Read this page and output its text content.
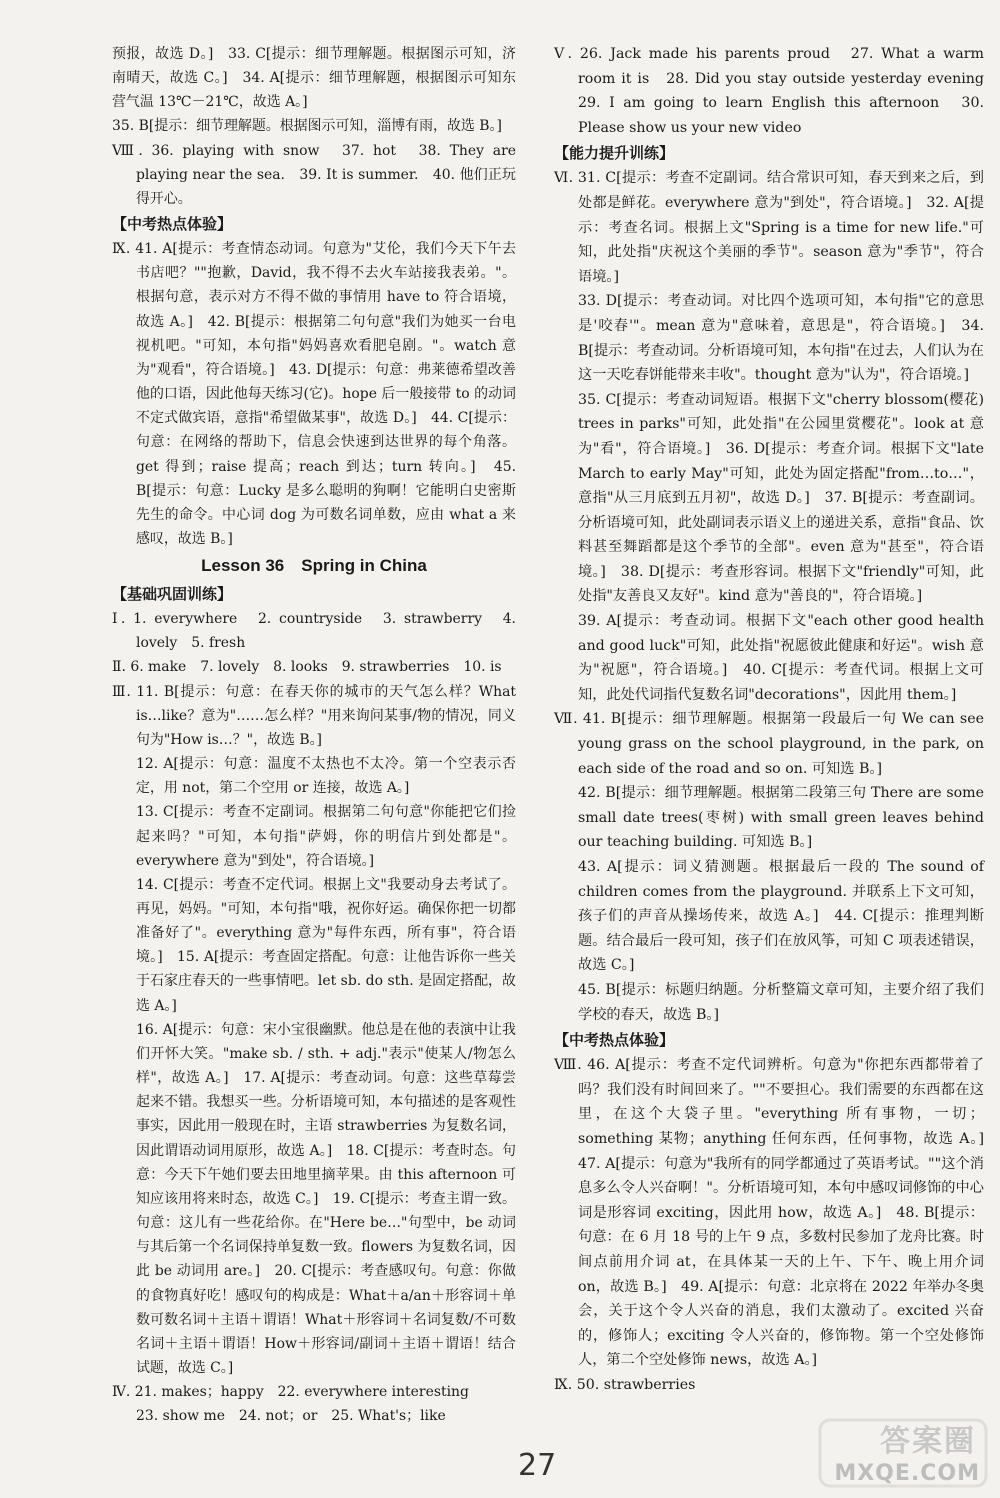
预报，故选 D。]　33. C[提示：细节理解题。根据图示可知，济南晴天，故选 C。]　34. A[提示：细节理解题，根据图示可知东营气温 13℃－21℃，故选 A。]
35. B[提示：细节理解题。根据图示可知，淄博有雨，故选 B。]
Ⅷ. 36. playing with snow　37. hot　38. They are playing near the sea.　39. It is summer.　40. 他们正玩得开心。
【中考热点体验】
Ⅸ. 41. A[提示：考查情态动词。句意为"艾伦，我们今天下午去书店吧？""抱歉，David，我不得不去火车站接我表弟。"。根据句意，表示对方不得不做的事情用 have to 符合语境，故选 A。]　42. B[提示：根据第二句句意"我们为她买一台电视机吧。"可知，本句指"妈妈喜欢看肥皂剧。"。watch 意为"观看"，符合语境。]　43. D[提示：句意：弗莱德希望改善他的口语，因此他每天练习(它)。hope 后一般接带 to 的动词不定式做宾语，意指"希望做某事"，故选 D。]　44. C[提示：句意：在网络的帮助下，信息会快速到达世界的每个角落。get 得到；raise 提高；reach 到达；turn 转向。]　45. B[提示：句意：Lucky 是多么聪明的狗啊！它能明白史密斯先生的命令。中心词 dog 为可数名词单数，应由 what a 来感叹，故选 B。]
Lesson 36　Spring in China
【基础巩固训练】
Ⅰ. 1. everywhere　2. countryside　3. strawberry　4. lovely　5. fresh
Ⅱ. 6. make　7. lovely　8. looks　9. strawberries　10. is
Ⅲ. 11. B[提示：句意：在春天你的城市的天气怎么样？What is…like？意为"……怎么样？"用来询问某事/物的情况，同义句为"How is…？"，故选 B。]
12. A[提示：句意：温度不太热也不太冷。第一个空表示否定，用 not，第二个空用 or 连接，故选 A。]
13. C[提示：考查不定副词。根据第二句句意"你能把它们捡起来吗？"可知，本句指"萨姆，你的明信片到处都是"。everywhere 意为"到处"，符合语境。]
14. C[提示：考查不定代词。根据上文"我要动身去考试了。再见，妈妈。"可知，本句指"哦，祝你好运。确保你把一切都准备好了"。everything 意为"每件东西，所有事"，符合语境。]　15. A[提示：考查固定搭配。句意：让他告诉你一些关于石家庄春天的一些事情吧。let sb. do sth. 是固定搭配，故选 A。]
16. A[提示：句意：宋小宝很幽默。他总是在他的表演中让我们开怀大笑。"make sb. / sth. + adj."表示"使某人/物怎么样"，故选 A。]　17. A[提示：考查动词。句意：这些草莓尝起来不错。我想买一些。分析语境可知，本句描述的是客观性事实，因此用一般现在时，主语 strawberries 为复数名词，因此谓语动词用原形，故选 A。]　18. C[提示：考查时态。句意：今天下午她们要去田地里摘苹果。由 this afternoon 可知应该用将来时态，故选 C。]　19. C[提示：考查主谓一致。句意：这儿有一些花给你。在"Here be…"句型中，be 动词与其后第一个名词保持单复数一致。flowers 为复数名词，因此 be 动词用 are。]　20. C[提示：考查感叹句。句意：你做的食物真好吃！感叹句的构成是：What＋a/an＋形容词＋单数可数名词＋主语＋谓语！What＋形容词＋名词复数/不可数名词＋主语＋谓语！How＋形容词/副词＋主语＋谓语！结合试题，故选 C。]
Ⅳ. 21. makes；happy　22. everywhere interesting
23. show me　24. not；or　25. What's；like
Ⅴ. 26. Jack made his parents proud　27. What a warm room it is　28. Did you stay outside yesterday evening　29. I am going to learn English this afternoon　30. Please show us your new video
【能力提升训练】
Ⅵ. 31. C[提示：考查不定副词。结合常识可知，春天到来之后，到处都是鲜花。everywhere 意为"到处"，符合语境。]　32. A[提示：考查名词。根据上文"Spring is a time for new life."可知，此处指"庆祝这个美丽的季节"。season 意为"季节"，符合语境。]
33. D[提示：考查动词。对比四个选项可知，本句指"它的意思是'咬春'"。mean 意为"意味着，意思是"，符合语境。]　34. B[提示：考查动词。分析语境可知，本句指"在过去，人们认为在这一天吃春饼能带来丰收"。thought 意为"认为"，符合语境。]
35. C[提示：考查动词短语。根据下文"cherry blossom(樱花) trees in parks"可知，此处指"在公园里赏樱花"。look at 意为"看"，符合语境。]　36. D[提示：考查介词。根据下文"late March to early May"可知，此处为固定搭配"from…to…"，意指"从三月底到五月初"，故选 D。]　37. B[提示：考查副词。分析语境可知，此处副词表示语义上的递进关系，意指"食品、饮料甚至舞蹈都是这个季节的全部"。even 意为"甚至"，符合语境。]　38. D[提示：考查形容词。根据下文"friendly"可知，此处指"友善良又友好"。kind 意为"善良的"，符合语境。]
39. A[提示：考查动词。根据下文"each other good health and good luck"可知，此处指"祝愿彼此健康和好运"。wish 意为"祝愿"，符合语境。]　40. C[提示：考查代词。根据上文可知，此处代词指代复数名词"decorations"，因此用 them。]
Ⅶ. 41. B[提示：细节理解题。根据第一段最后一句 We can see young grass on the school playground, in the park, on each side of the road and so on. 可知选 B。]
42. B[提示：细节理解题。根据第二段第三句 There are some small date trees(枣树) with small green leaves behind our teaching building. 可知选 B。]
43. A[提示：词义猜测题。根据最后一段的 The sound of children comes from the playground. 并联系上下文可知，孩子们的声音从操场传来，故选 A。]　44. C[提示：推理判断题。结合最后一段可知，孩子们在放风筝，可知 C 项表述错误，故选 C。]
45. B[提示：标题归纳题。分析整篇文章可知，主要介绍了我们学校的春天，故选 B。]
【中考热点体验】
Ⅷ. 46. A[提示：考查不定代词辨析。句意为"你把东西都带着了吗？我们没有时间回来了。""不要担心。我们需要的东西都在这里，在这个大袋子里。"everything 所有事物，一切；something 某物；anything 任何东西，任何事物，故选 A。]　47. A[提示：句意为"我所有的同学都通过了英语考试。""这个消息多么令人兴奋啊！"。分析语境可知，本句中感叹词修饰的中心词是形容词 exciting，因此用 how，故选 A。]　48. B[提示：句意：在 6 月 18 号的上午 9 点，多数村民参加了龙舟比赛。时间点前用介词 at，在具体某一天的上午、下午、晚上用介词 on，故选 B。]　49. A[提示：句意：北京将在 2022 年举办冬奥会，关于这个令人兴奋的消息，我们太激动了。excited 兴奋的，修饰人；exciting 令人兴奋的，修饰物。第一个空处修饰人，第二个空处修饰 news，故选 A。]
Ⅸ. 50. strawberries
27
答案圈
MXQE.COM
